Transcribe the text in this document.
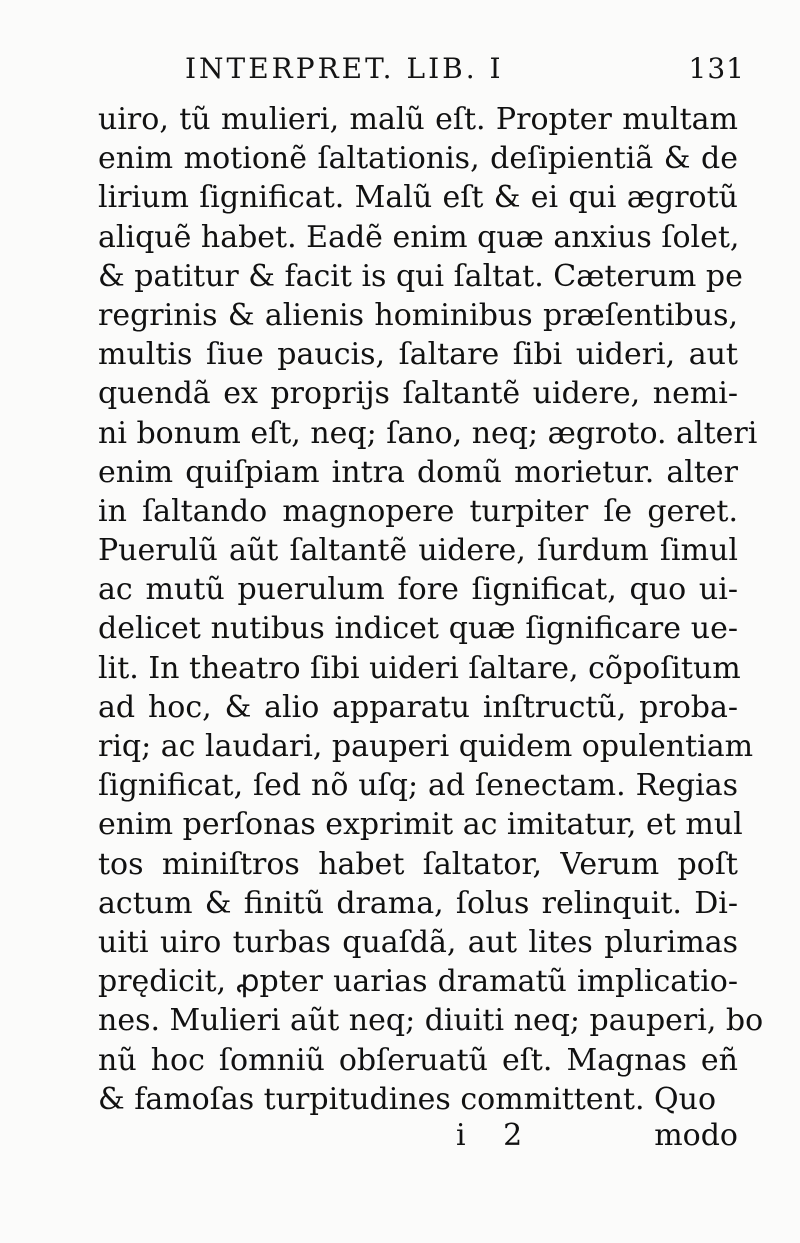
INTERPRET. LIB. I	131
uiro, tũ mulieri, malũ eſt. Propter multam
enim motionẽ ſaltationis, deſipientiã & de
lirium ſignificat. Malũ eſt & ei qui ægrotũ
aliquẽ habet. Eadẽ enim quæ anxius ſolet,
& patitur & facit is qui ſaltat. Cæterum pe
regrinis & alienis hominibus præſentibus,
multis ſiue paucis, ſaltare ſibi uideri, aut
quendã ex proprijs ſaltantẽ uidere, nemi-
ni bonum eſt, neq; ſano, neq; ægroto. alteri
enim quiſpiam intra domũ morietur. alter
in ſaltando magnopere turpiter ſe geret.
Puerulũ aũt ſaltantẽ uidere, ſurdum ſimul
ac mutũ puerulum fore ſignificat, quo ui-
delicet nutibus indicet quæ ſignificare ue-
lit. In theatro ſibi uideri ſaltare, cõpoſitum
ad hoc, & alio apparatu inſtructũ, proba-
riq; ac laudari, pauperi quidem opulentiam
ſignificat, ſed nõ uſq; ad ſenectam. Regias
enim perſonas exprimit ac imitatur, et mul
tos miniſtros habet ſaltator, Verum poſt
actum & finitũ drama, ſolus relinquit. Di-
uiti uiro turbas quaſdã, aut lites plurimas
prędicit, ꝓpter uarias dramatũ implicatio-
nes. Mulieri aũt neq; diuiti neq; pauperi, bo
nũ hoc ſomniũ obſeruatũ eſt. Magnas eñ
& famoſas turpitudines committent. Quo
i 2	modo
